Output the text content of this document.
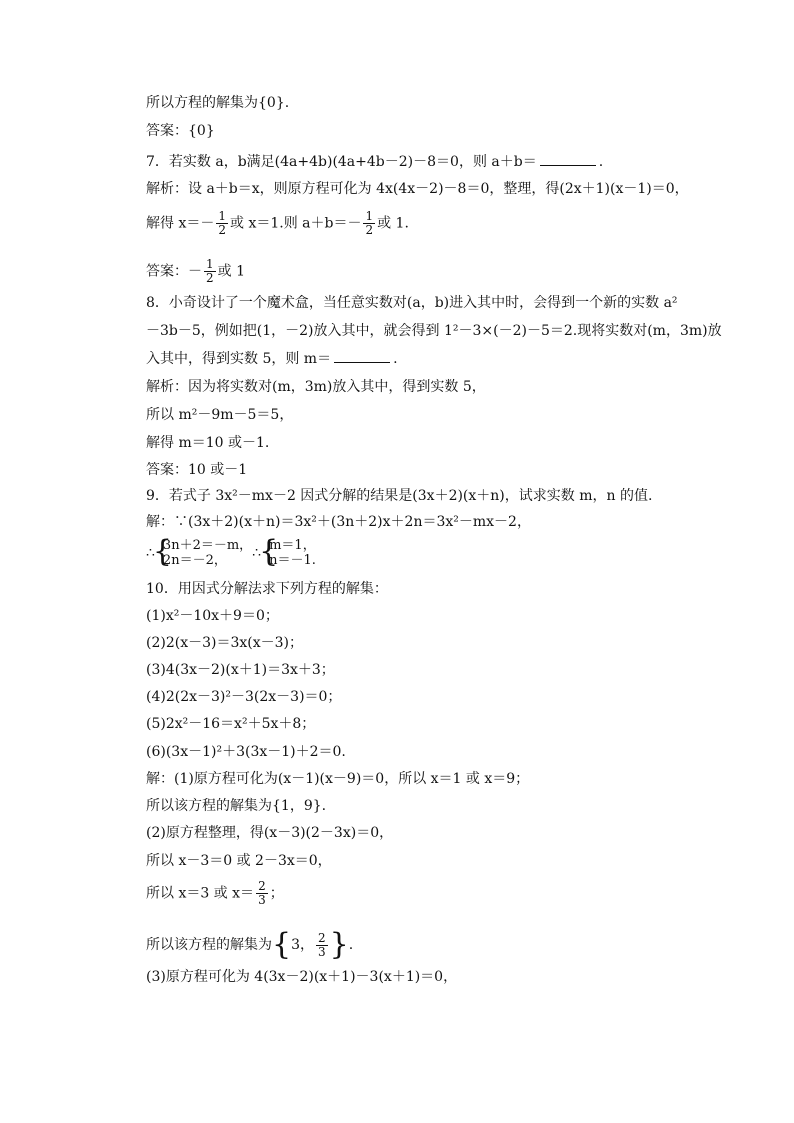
所以方程的解集为{0}.
答案：{0}
7．若实数 a，b满足(4a+4b)(4a+4b－2)－8＝0，则 a＋b＝	.
解析：设 a＋b＝x，则原方程可化为 4x(4x－2)－8＝0，整理，得(2x＋1)(x－1)＝0，
解得 $x=- \frac{1}{2}$ 或 x＝1.则 $a+b=- \frac{1}{2}$ 或 1.
答案：－ $\frac{1}{2}$ 或 1
8．小奇设计了一个魔术盒，当任意实数对(a，b)进入其中时，会得到一个新的实数 a²
－3b－5，例如把(1，－2)放入其中，就会得到 1²－3×(－2)－5＝2.现将实数对(m，3m)放
入其中，得到实数 5，则 m＝	.
解析：因为将实数对(m，3m)放入其中，得到实数 5，
所以 m²－9m－5＝5，
解得 m＝10 或－1.
答案：10 或－1
9．若式子 3x²－mx－2 因式分解的结果是(3x＋2)(x＋n)，试求实数 m，n 的值.
解：∵(3x＋2)(x＋n)＝3x²＋(3n＋2)x＋2n＝3x²－mx－2，
∴ { 3n＋2＝－m，
2n＝－2，	∴ { m＝1，
n＝－1.
10．用因式分解法求下列方程的解集：
(1)x²－10x＋9＝0；
(2)2(x－3)＝3x(x－3)；
(3)4(3x－2)(x＋1)＝3x＋3；
(4)2(2x－3)²－3(2x－3)＝0；
(5)2x²－16＝x²＋5x＋8；
(6)(3x－1)²＋3(3x－1)＋2＝0.
解：(1)原方程可化为(x－1)(x－9)＝0，所以 x＝1 或 x＝9；
所以该方程的解集为{1，9}.
(2)原方程整理，得(x－3)(2－3x)＝0，
所以 x－3＝0 或 2－3x＝0，
所以 x＝3 或 $x= \frac{2}{3}$ ；
所以该方程的解集为{3， $\frac{2}{3}$ }.
(3)原方程可化为 4(3x－2)(x＋1)－3(x＋1)＝0，
